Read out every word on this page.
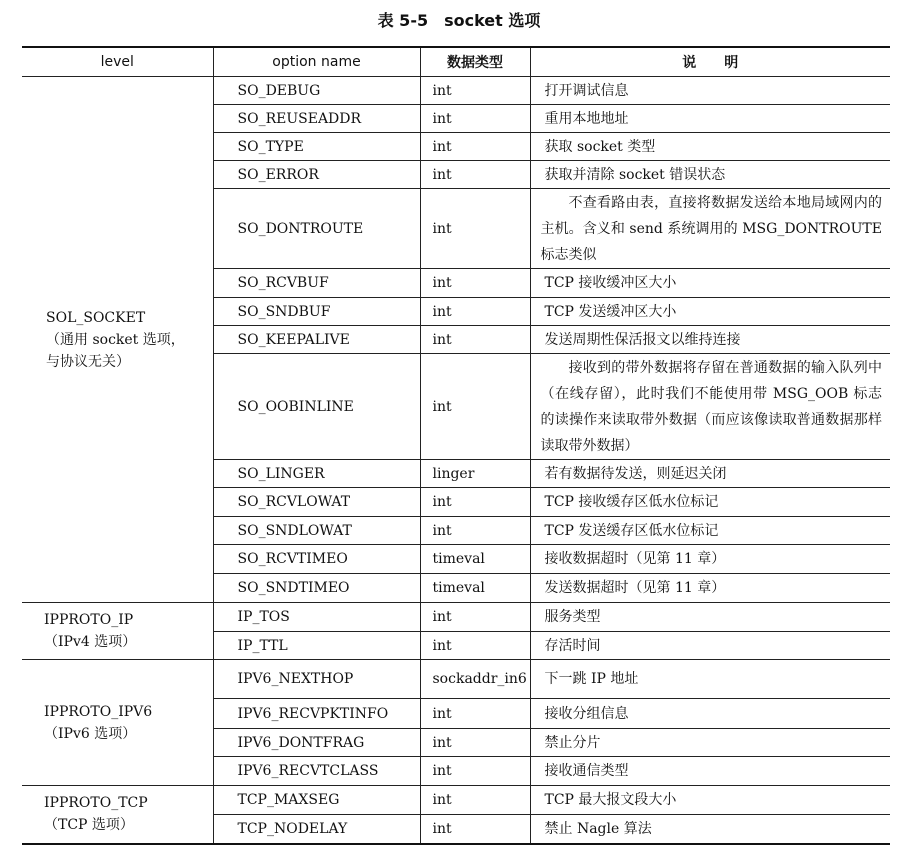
表 5-5　socket 选项
level	option name	数据类型	说　　明

SOL_SOCKET
（通用 socket 选项，与协议无关）	SO_DEBUG	int	打开调试信息
	SO_REUSEADDR	int	重用本地地址
	SO_TYPE	int	获取 socket 类型
	SO_ERROR	int	获取并清除 socket 错误状态
	SO_DONTROUTE	int	不查看路由表，直接将数据发送给本地局域网内的主机。含义和 send 系统调用的 MSG_DONTROUTE 标志类似
	SO_RCVBUF	int	TCP 接收缓冲区大小
	SO_SNDBUF	int	TCP 发送缓冲区大小
	SO_KEEPALIVE	int	发送周期性保活报文以维持连接
	SO_OOBINLINE	int	接收到的带外数据将存留在普通数据的输入队列中（在线存留），此时我们不能使用带 MSG_OOB 标志的读操作来读取带外数据（而应该像读取普通数据那样读取带外数据）
	SO_LINGER	linger	若有数据待发送，则延迟关闭
	SO_RCVLOWAT	int	TCP 接收缓存区低水位标记
	SO_SNDLOWAT	int	TCP 发送缓存区低水位标记
	SO_RCVTIMEO	timeval	接收数据超时（见第 11 章）
	SO_SNDTIMEO	timeval	发送数据超时（见第 11 章）

IPPROTO_IP
（IPv4 选项）	IP_TOS	int	服务类型
	IP_TTL	int	存活时间

IPPROTO_IPV6
（IPv6 选项）	IPV6_NEXTHOP	sockaddr_in6	下一跳 IP 地址
	IPV6_RECVPKTINFO	int	接收分组信息
	IPV6_DONTFRAG	int	禁止分片
	IPV6_RECVTCLASS	int	接收通信类型

IPPROTO_TCP
（TCP 选项）	TCP_MAXSEG	int	TCP 最大报文段大小
	TCP_NODELAY	int	禁止 Nagle 算法
